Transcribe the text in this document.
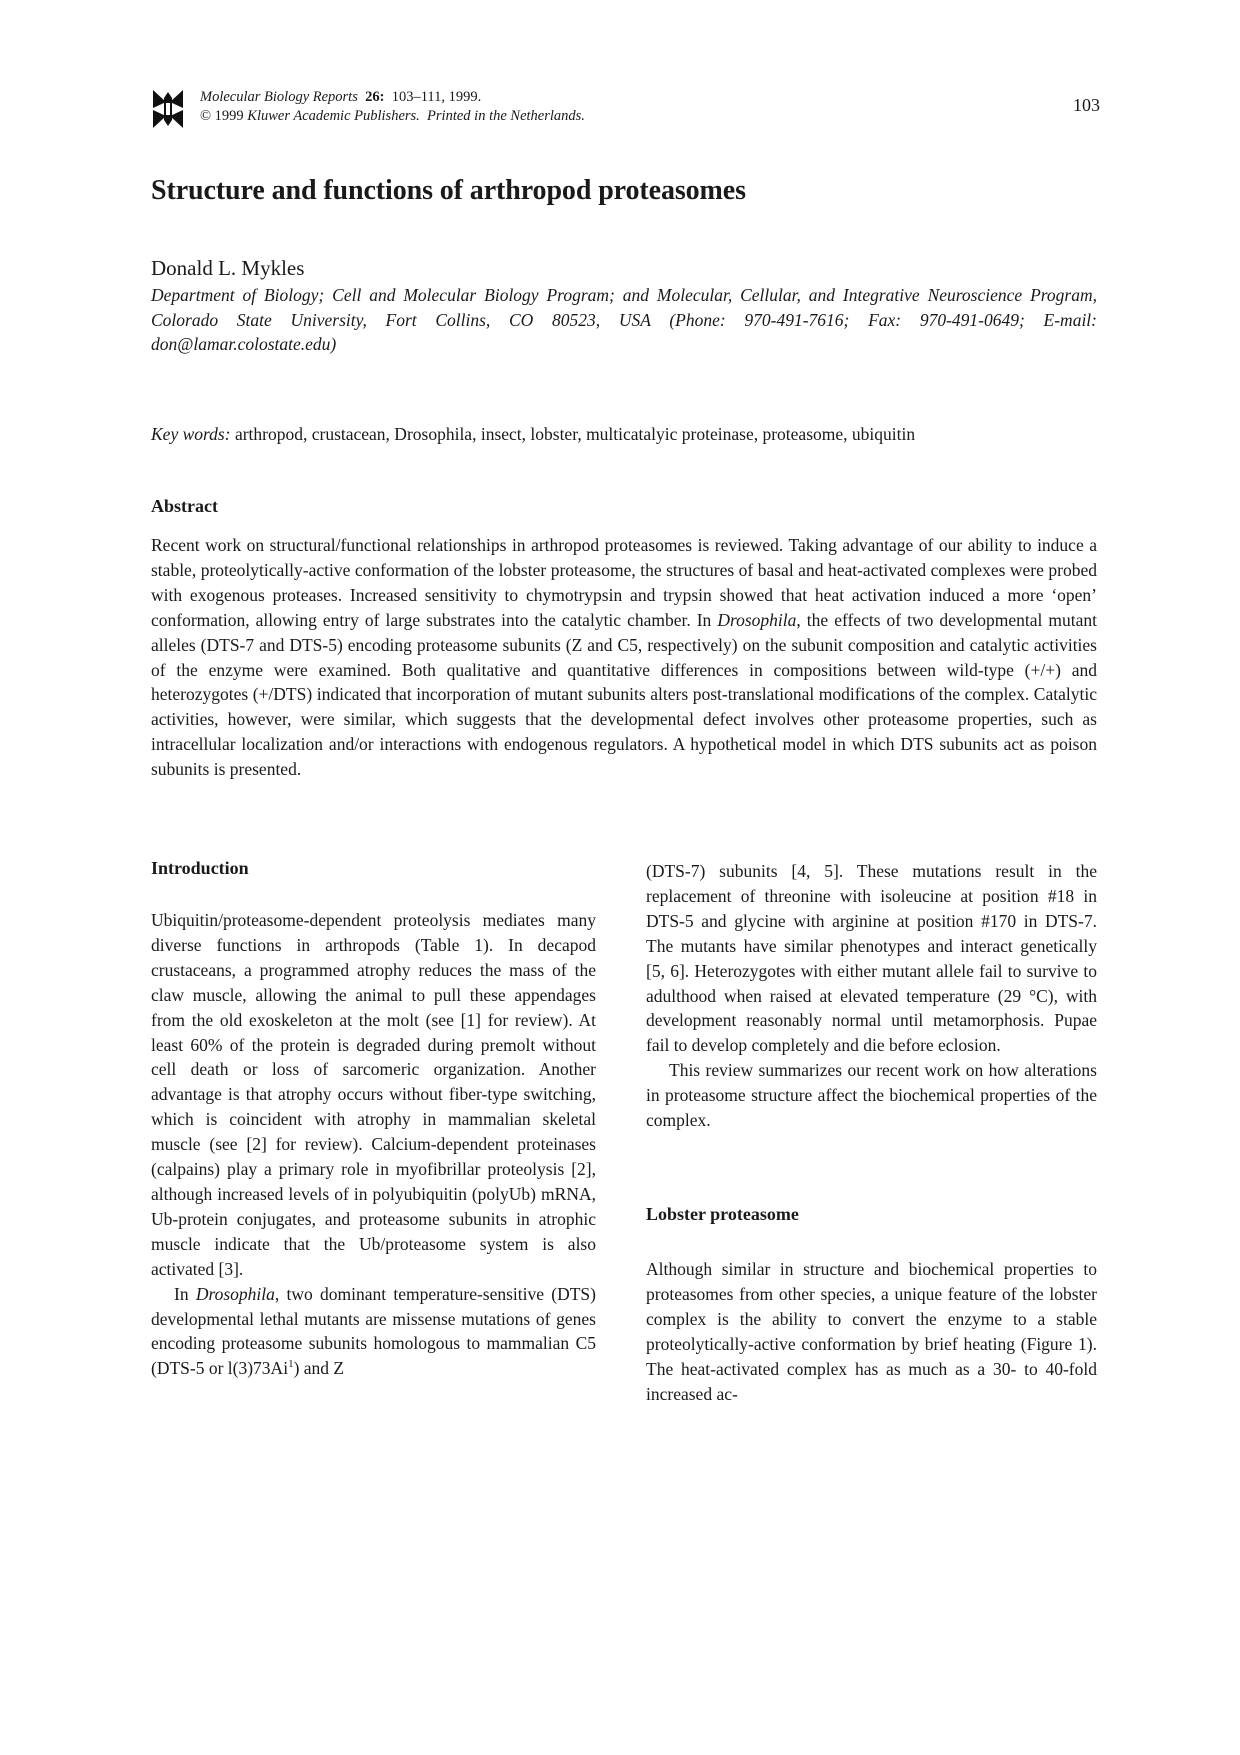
Molecular Biology Reports 26: 103–111, 1999.
© 1999 Kluwer Academic Publishers. Printed in the Netherlands.
103
Structure and functions of arthropod proteasomes
Donald L. Mykles
Department of Biology; Cell and Molecular Biology Program; and Molecular, Cellular, and Integrative Neuroscience Program, Colorado State University, Fort Collins, CO 80523, USA (Phone: 970-491-7616; Fax: 970-491-0649; E-mail: don@lamar.colostate.edu)
Key words: arthropod, crustacean, Drosophila, insect, lobster, multicatalyic proteinase, proteasome, ubiquitin
Abstract
Recent work on structural/functional relationships in arthropod proteasomes is reviewed. Taking advantage of our ability to induce a stable, proteolytically-active conformation of the lobster proteasome, the structures of basal and heat-activated complexes were probed with exogenous proteases. Increased sensitivity to chymotrypsin and trypsin showed that heat activation induced a more ‘open’ conformation, allowing entry of large substrates into the catalytic chamber. In Drosophila, the effects of two developmental mutant alleles (DTS-7 and DTS-5) encoding proteasome subunits (Z and C5, respectively) on the subunit composition and catalytic activities of the enzyme were examined. Both qualitative and quantitative differences in compositions between wild-type (+/+) and heterozygotes (+/DTS) indicated that incorporation of mutant subunits alters post-translational modifications of the complex. Catalytic activities, however, were similar, which suggests that the developmental defect involves other proteasome properties, such as intracellular localization and/or interactions with endogenous regulators. A hypothetical model in which DTS subunits act as poison subunits is presented.
Introduction
Ubiquitin/proteasome-dependent proteolysis mediates many diverse functions in arthropods (Table 1). In decapod crustaceans, a programmed atrophy reduces the mass of the claw muscle, allowing the animal to pull these appendages from the old exoskeleton at the molt (see [1] for review). At least 60% of the protein is degraded during premolt without cell death or loss of sarcomeric organization. Another advantage is that atrophy occurs without fiber-type switching, which is coincident with atrophy in mammalian skeletal muscle (see [2] for review). Calcium-dependent proteinases (calpains) play a primary role in myofibrillar proteolysis [2], although increased levels of in polyubiquitin (polyUb) mRNA, Ub-protein conjugates, and proteasome subunits in atrophic muscle indicate that the Ub/proteasome system is also activated [3].
In Drosophila, two dominant temperature-sensitive (DTS) developmental lethal mutants are missense mutations of genes encoding proteasome subunits homologous to mammalian C5 (DTS-5 or l(3)73Ai$^1$) and Z
(DTS-7) subunits [4, 5]. These mutations result in the replacement of threonine with isoleucine at position #18 in DTS-5 and glycine with arginine at position #170 in DTS-7. The mutants have similar phenotypes and interact genetically [5, 6]. Heterozygotes with either mutant allele fail to survive to adulthood when raised at elevated temperature (29 °C), with development reasonably normal until metamorphosis. Pupae fail to develop completely and die before eclosion.
This review summarizes our recent work on how alterations in proteasome structure affect the biochemical properties of the complex.
Lobster proteasome
Although similar in structure and biochemical properties to proteasomes from other species, a unique feature of the lobster complex is the ability to convert the enzyme to a stable proteolytically-active conformation by brief heating (Figure 1). The heat-activated complex has as much as a 30- to 40-fold increased ac-
